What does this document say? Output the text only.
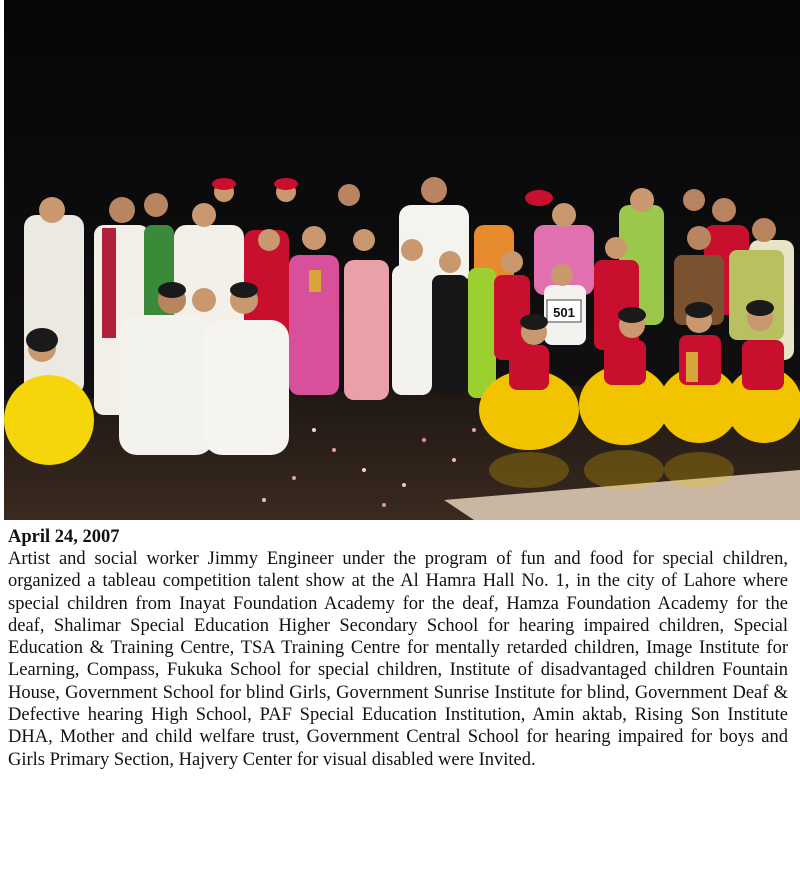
501

April 24, 2007

Artist and social worker Jimmy Engineer under the program of fun and food for special children, organized a tableau competition talent show at the Al Hamra Hall No. 1, in the city of Lahore where special children from Inayat Foundation Academy for the deaf, Hamza Foundation Academy for the deaf, Shalimar Special Education Higher Secondary School for hearing impaired children, Special Education & Training Centre, TSA Training Centre for mentally retarded children, Image Institute for Learning, Compass, Fukuka School for special children, Institute of disadvantaged children Fountain House, Government School for blind Girls, Government Sunrise Institute for blind, Government Deaf & Defective hearing High School, PAF Special Education Institution, Amin aktab, Rising Son Institute DHA, Mother and child welfare trust, Government Central School for hearing impaired for boys and Girls Primary Section, Hajvery Center for visual disabled were Invited.
